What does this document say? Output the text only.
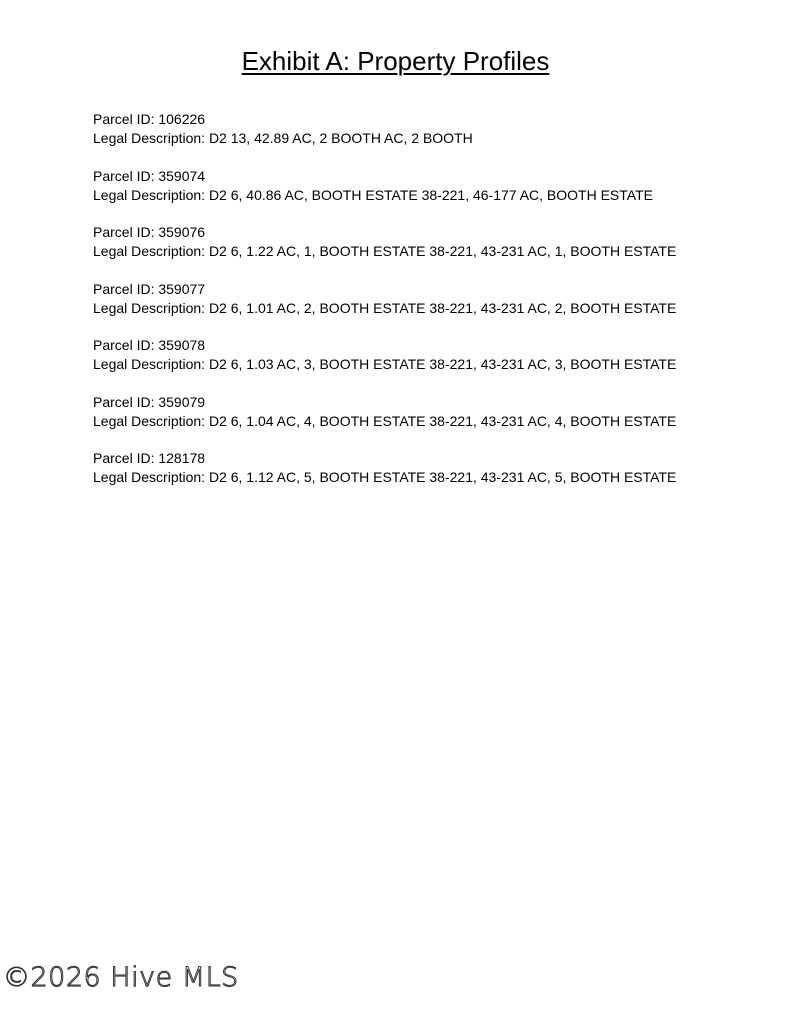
Exhibit A: Property Profiles
Parcel ID: 106226
Legal Description: D2 13, 42.89 AC, 2 BOOTH AC, 2 BOOTH
Parcel ID: 359074
Legal Description: D2 6, 40.86 AC, BOOTH ESTATE 38-221, 46-177 AC, BOOTH ESTATE
Parcel ID: 359076
Legal Description: D2 6, 1.22 AC, 1, BOOTH ESTATE 38-221, 43-231 AC, 1, BOOTH ESTATE
Parcel ID: 359077
Legal Description: D2 6, 1.01 AC, 2, BOOTH ESTATE 38-221, 43-231 AC, 2, BOOTH ESTATE
Parcel ID: 359078
Legal Description: D2 6, 1.03 AC, 3, BOOTH ESTATE 38-221, 43-231 AC, 3, BOOTH ESTATE
Parcel ID: 359079
Legal Description: D2 6, 1.04 AC, 4, BOOTH ESTATE 38-221, 43-231 AC, 4, BOOTH ESTATE
Parcel ID: 128178
Legal Description: D2 6, 1.12 AC, 5, BOOTH ESTATE 38-221, 43-231 AC, 5, BOOTH ESTATE
©2026 Hive MLS
